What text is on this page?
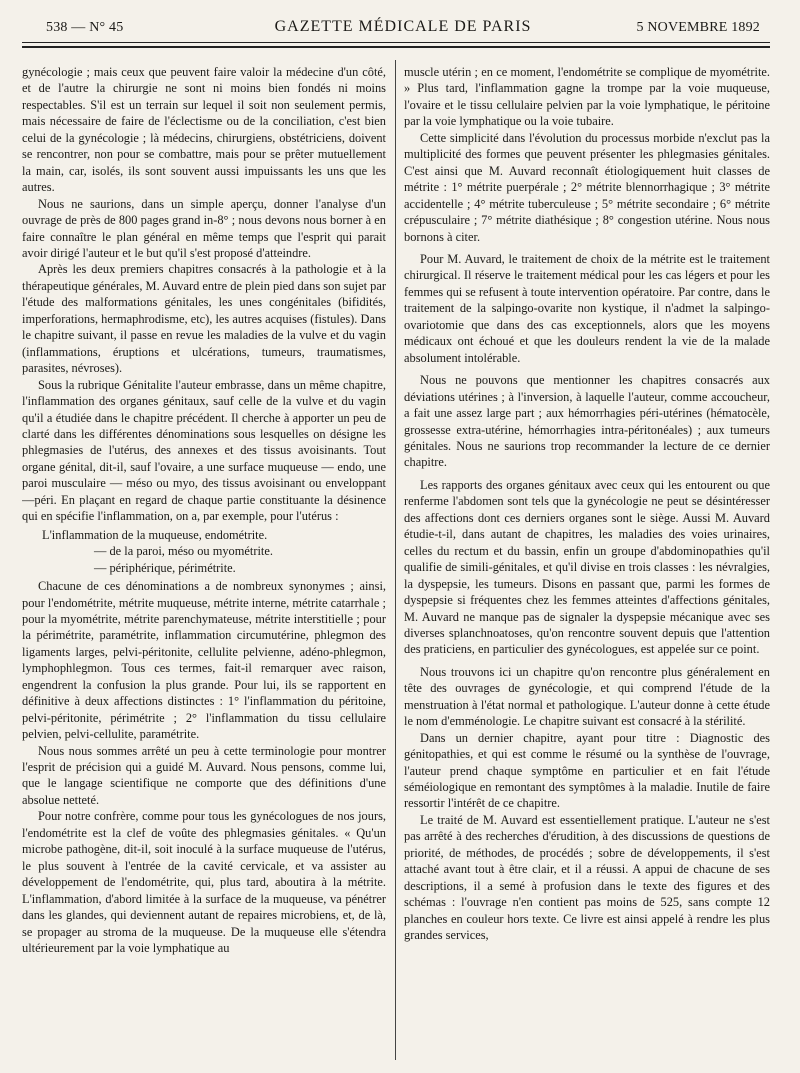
538 — N° 45	GAZETTE MÉDICALE DE PARIS	5 NOVEMBRE 1892

gynécologie ; mais ceux que peuvent faire valoir la médecine d'un côté, et de l'autre la chirurgie ne sont ni moins bien fondés ni moins respectables. S'il est un terrain sur lequel il soit non seulement permis, mais nécessaire de faire de l'éclectisme ou de la conciliation, c'est bien celui de la gynécologie ; là médecins, chirurgiens, obstétriciens, doivent se rencontrer, non pour se combattre, mais pour se prêter mutuellement la main, car, isolés, ils sont souvent aussi impuissants les uns que les autres.

Nous ne saurions, dans un simple aperçu, donner l'analyse d'un ouvrage de près de 800 pages grand in-8° ; nous devons nous borner à en faire connaître le plan général en même temps que l'esprit qui parait avoir dirigé l'auteur et le but qu'il s'est proposé d'atteindre.

Après les deux premiers chapitres consacrés à la pathologie et à la thérapeutique générales, M. Auvard entre de plein pied dans son sujet par l'étude des malformations génitales, les unes congénitales (bifidités, imperforations, hermaphrodisme, etc), les autres acquises (fistules). Dans le chapitre suivant, il passe en revue les maladies de la vulve et du vagin (inflammations, éruptions et ulcérations, tumeurs, traumatismes, parasites, névroses).

Sous la rubrique Génitalite l'auteur embrasse, dans un même chapitre, l'inflammation des organes génitaux, sauf celle de la vulve et du vagin qu'il a étudiée dans le chapitre précédent. Il cherche à apporter un peu de clarté dans les différentes dénominations sous lesquelles on désigne les phlegmasies de l'utérus, des annexes et des tissus avoisinants. Tout organe génital, dit-il, sauf l'ovaire, a une surface muqueuse — endo, une paroi musculaire — méso ou myo, des tissus avoisinant ou enveloppant—péri. En plaçant en regard de chaque partie constituante la désinence qui en spécifie l'inflammation, on a, par exemple, pour l'utérus :

L'inflammation de la muqueuse, endométrite.
— de la paroi, méso ou myométrite.
— périphérique, périmétrite.

Chacune de ces dénominations a de nombreux synonymes ; ainsi, pour l'endométrite, métrite muqueuse, métrite interne, métrite catarrhale ; pour la myométrite, métrite parenchymateuse, métrite interstitielle ; pour la périmétrite, paramétrite, inflammation circumutérine, phlegmon des ligaments larges, pelvi-péritonite, cellulite pelvienne, adéno-phlegmon, lymphophlegmon. Tous ces termes, fait-il remarquer avec raison, engendrent la confusion la plus grande. Pour lui, ils se rapportent en définitive à deux affections distinctes : 1° l'inflammation du péritoine, pelvi-péritonite, périmétrite ; 2° l'inflammation du tissu cellulaire pelvien, pelvi-cellulite, paramétrite.

Nous nous sommes arrêté un peu à cette terminologie pour montrer l'esprit de précision qui a guidé M. Auvard. Nous pensons, comme lui, que le langage scientifique ne comporte que des définitions d'une absolue netteté.

Pour notre confrère, comme pour tous les gynécologues de nos jours, l'endométrite est la clef de voûte des phlegmasies génitales. « Qu'un microbe pathogène, dit-il, soit inoculé à la surface muqueuse de l'utérus, le plus souvent à l'entrée de la cavité cervicale, et va assister au développement de l'endométrite, qui, plus tard, aboutira à la métrite. L'inflammation, d'abord limitée à la surface de la muqueuse, va pénétrer dans les glandes, qui deviennent autant de repaires microbiens, et, de là, se propager au stroma de la muqueuse. De la muqueuse elle s'étendra ultérieurement par la voie lymphatique au

muscle utérin ; en ce moment, l'endométrite se complique de myométrite. » Plus tard, l'inflammation gagne la trompe par la voie muqueuse, l'ovaire et le tissu cellulaire pelvien par la voie lymphatique, le péritoine par la voie lymphatique ou la voie tubaire.

Cette simplicité dans l'évolution du processus morbide n'exclut pas la multiplicité des formes que peuvent présenter les phlegmasies génitales. C'est ainsi que M. Auvard reconnaît étiologiquement huit classes de métrite : 1° métrite puerpérale ; 2° métrite blennorrhagique ; 3° métrite accidentelle ; 4° métrite tuberculeuse ; 5° métrite secondaire ; 6° métrite crépusculaire ; 7° métrite diathésique ; 8° congestion utérine. Nous nous bornons à citer.

Pour M. Auvard, le traitement de choix de la métrite est le traitement chirurgical. Il réserve le traitement médical pour les cas légers et pour les femmes qui se refusent à toute intervention opératoire. Par contre, dans le traitement de la salpingo-ovarite non kystique, il n'admet la salpingo-ovariotomie que dans des cas exceptionnels, alors que les moyens médicaux ont échoué et que les douleurs rendent la vie de la malade absolument intolérable.

Nous ne pouvons que mentionner les chapitres consacrés aux déviations utérines ; à l'inversion, à laquelle l'auteur, comme accoucheur, a fait une assez large part ; aux hémorrhagies péri-utérines (hématocèle, grossesse extra-utérine, hémorrhagies intra-péritonéales) ; aux tumeurs génitales. Nous ne saurions trop recommander la lecture de ce dernier chapitre.

Les rapports des organes génitaux avec ceux qui les entourent ou que renferme l'abdomen sont tels que la gynécologie ne peut se désintéresser des affections dont ces derniers organes sont le siège. Aussi M. Auvard étudie-t-il, dans autant de chapitres, les maladies des voies urinaires, celles du rectum et du bassin, enfin un groupe d'abdominopathies qu'il qualifie de simili-génitales, et qu'il divise en trois classes : les névralgies, la dyspepsie, les tumeurs. Disons en passant que, parmi les formes de dyspepsie si fréquentes chez les femmes atteintes d'affections génitales, M. Auvard ne manque pas de signaler la dyspepsie mécanique avec ses diverses splanchnoatoses, qu'on rencontre souvent depuis que l'attention des praticiens, en particulier des gynécologues, est appelée sur ce point.

Nous trouvons ici un chapitre qu'on rencontre plus généralement en tête des ouvrages de gynécologie, et qui comprend l'étude de la menstruation à l'état normal et pathologique. L'auteur donne à cette étude le nom d'emménologie. Le chapitre suivant est consacré à la stérilité.

Dans un dernier chapitre, ayant pour titre : Diagnostic des génitopathies, et qui est comme le résumé ou la synthèse de l'ouvrage, l'auteur prend chaque symptôme en particulier et en fait l'étude séméiologique en remontant des symptômes à la maladie. Inutile de faire ressortir l'intérêt de ce chapitre.

Le traité de M. Auvard est essentiellement pratique. L'auteur ne s'est pas arrêté à des recherches d'érudition, à des discussions de questions de priorité, de méthodes, de procédés ; sobre de développements, il s'est attaché avant tout à être clair, et il a réussi. A appui de chacune de ses descriptions, il a semé à profusion dans le texte des figures et des schémas : l'ouvrage n'en contient pas moins de 525, sans compte 12 planches en couleur hors texte. Ce livre est ainsi appelé à rendre les plus grandes services,
